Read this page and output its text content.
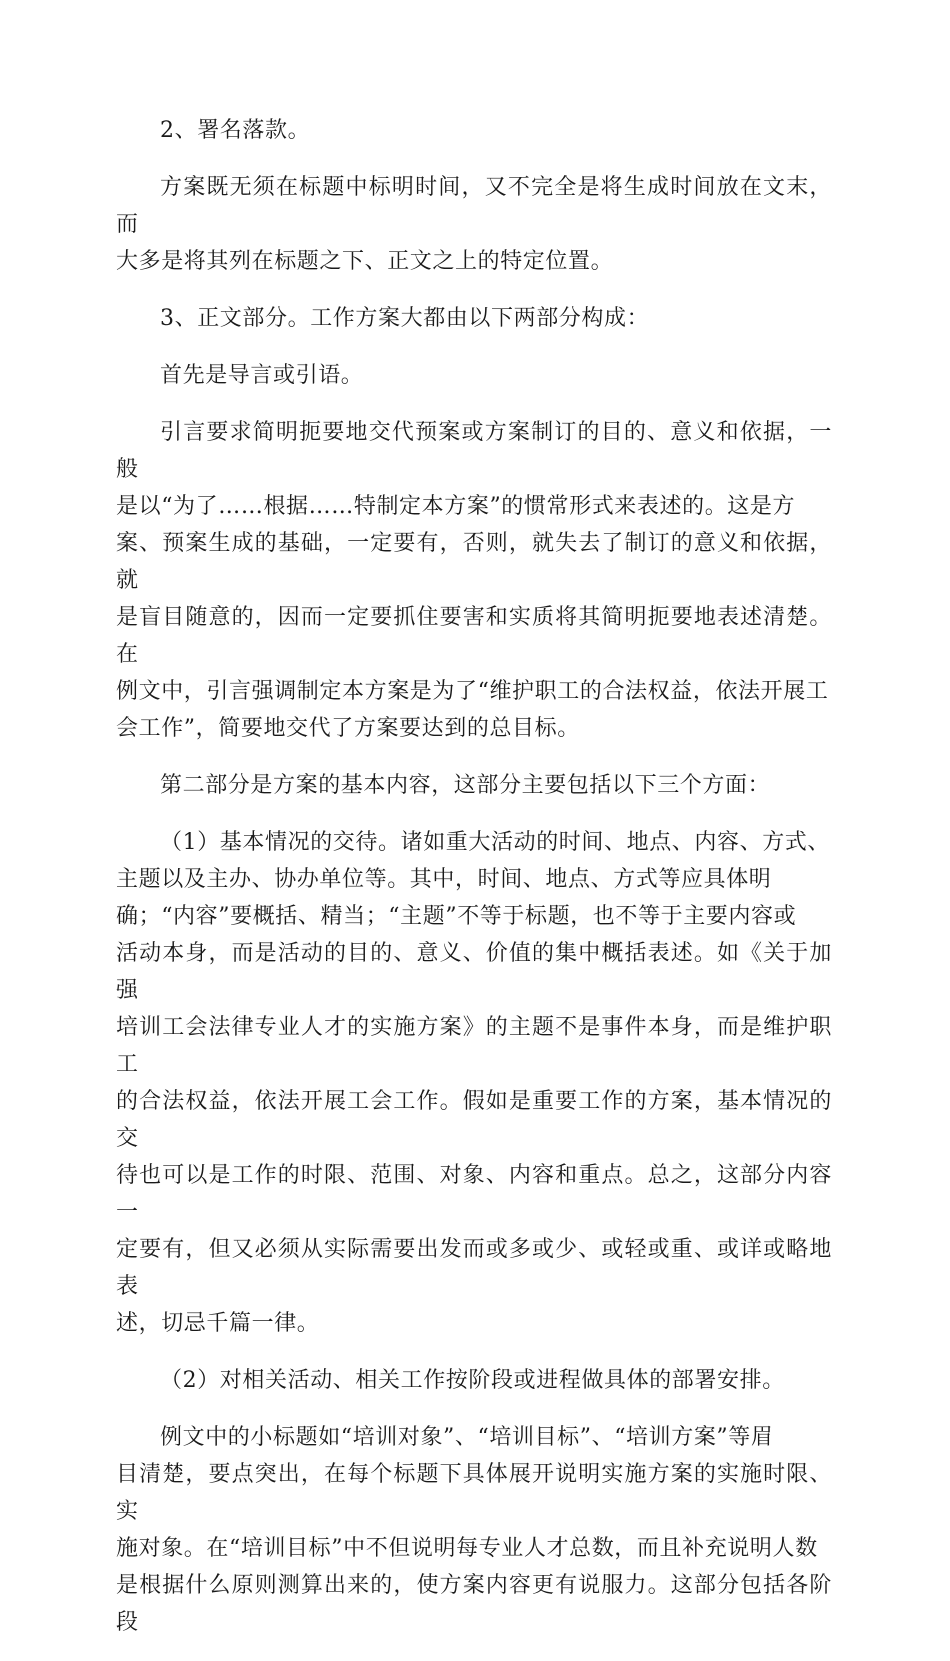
2、署名落款。

方案既无须在标题中标明时间，又不完全是将生成时间放在文末，而
大多是将其列在标题之下、正文之上的特定位置。

3、正文部分。工作方案大都由以下两部分构成：

首先是导言或引语。

引言要求简明扼要地交代预案或方案制订的目的、意义和依据，一般
是以“为了……根据……特制定本方案”的惯常形式来表述的。这是方
案、预案生成的基础，一定要有，否则，就失去了制订的意义和依据，就
是盲目随意的，因而一定要抓住要害和实质将其简明扼要地表述清楚。在
例文中，引言强调制定本方案是为了“维护职工的合法权益，依法开展工
会工作”，简要地交代了方案要达到的总目标。

第二部分是方案的基本内容，这部分主要包括以下三个方面：

（1）基本情况的交待。诸如重大活动的时间、地点、内容、方式、
主题以及主办、协办单位等。其中，时间、地点、方式等应具体明
确；“内容”要概括、精当；“主题”不等于标题，也不等于主要内容或
活动本身，而是活动的目的、意义、价值的集中概括表述。如《关于加强
培训工会法律专业人才的实施方案》的主题不是事件本身，而是维护职工
的合法权益，依法开展工会工作。假如是重要工作的方案，基本情况的交
待也可以是工作的时限、范围、对象、内容和重点。总之，这部分内容一
定要有，但又必须从实际需要出发而或多或少、或轻或重、或详或略地表
述，切忌千篇一律。

（2）对相关活动、相关工作按阶段或进程做具体的部署安排。

例文中的小标题如“培训对象”、“培训目标”、“培训方案”等眉
目清楚，要点突出，在每个标题下具体展开说明实施方案的实施时限、实
施对象。在“培训目标”中不但说明每专业人才总数，而且补充说明人数
是根据什么原则测算出来的，使方案内容更有说服力。这部分包括各阶段
